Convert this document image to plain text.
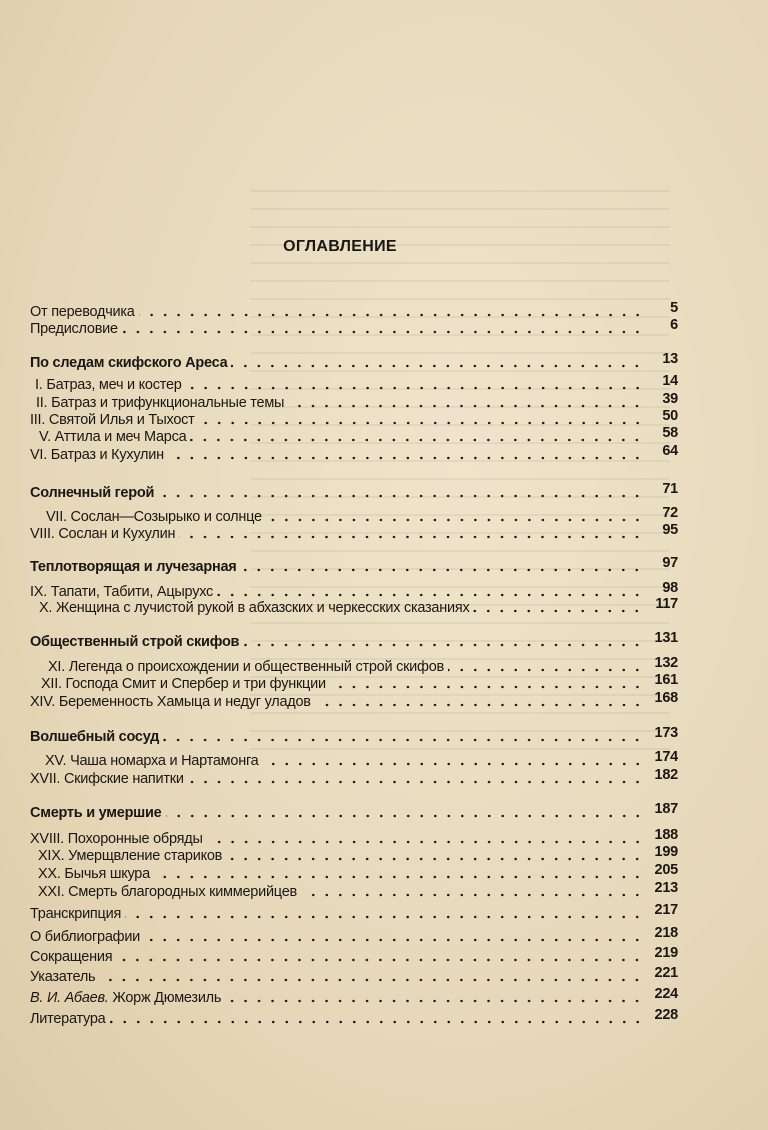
ОГЛАВЛЕНИЕ
От переводчика	5
Предисловие	6
По следам скифского Ареса	13
I. Батраз, меч и костер	14
II. Батраз и трифункциональные темы	39
III. Святой Илья и Тыхост	50
V. Аттила и меч Марса	58
VI. Батраз и Кухулин	64
Солнечный герой	71
VII. Сослан—Созырыко и солнце	72
VIII. Сослан и Кухулин	95
Теплотворящая и лучезарная	97
IX. Тапати, Табити, Ацырухс	98
X. Женщина с лучистой рукой в абхазских и черкесских сказаниях	117
Общественный строй скифов	131
XI. Легенда о происхождении и общественный строй скифов	132
XII. Господа Смит и Спербер и три функции	161
XIV. Беременность Хамыца и недуг уладов	168
Волшебный сосуд	173
XV. Чаша номарха и Нартамонга	174
XVII. Скифские напитки	182
Смерть и умершие	187
XVIII. Похоронные обряды	188
XIX. Умерщвление стариков	199
XX. Бычья шкура	205
XXI. Смерть благородных киммерийцев	213
Транскрипция	217
О библиографии	218
Сокращения	219
Указатель	221
В. И. Абаев. Жорж Дюмезиль	224
Литература	228
